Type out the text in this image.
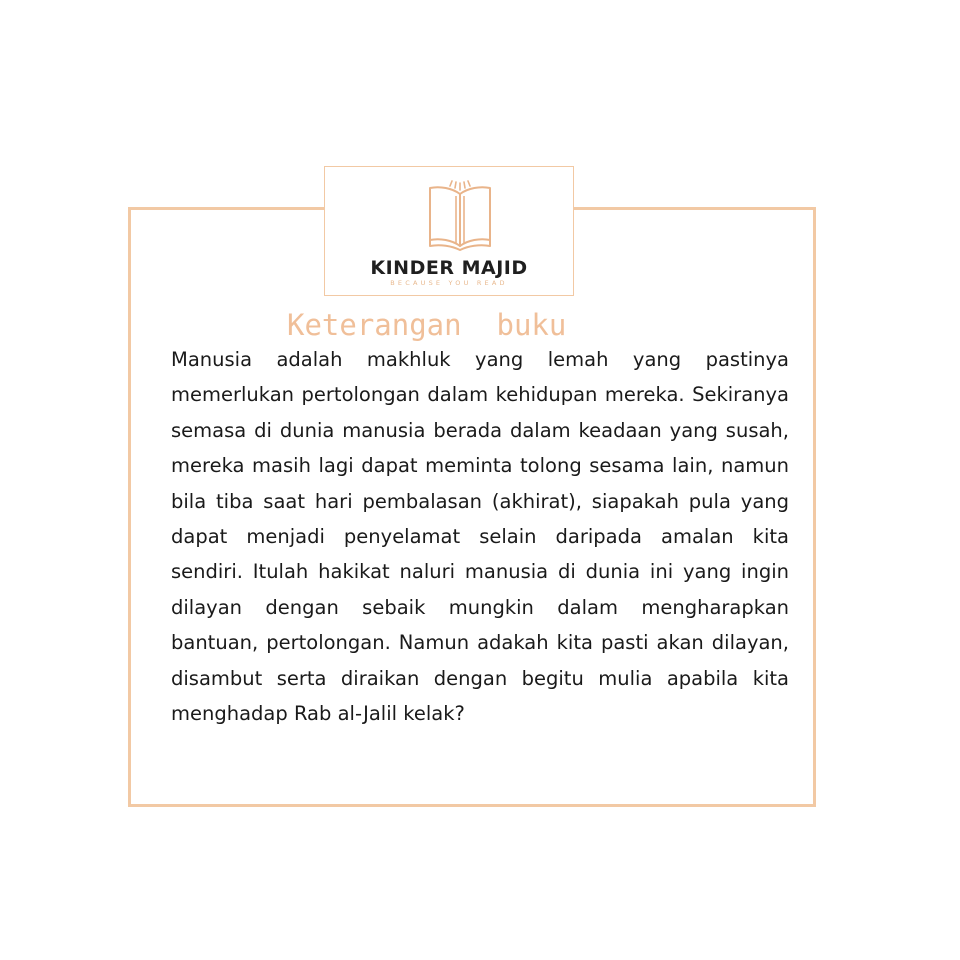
KINDER MAJID
BECAUSE YOU READ
Keterangan  buku

Manusia adalah makhluk yang lemah yang pastinya memerlukan pertolongan dalam kehidupan mereka. Sekiranya semasa di dunia manusia berada dalam keadaan yang susah, mereka masih lagi dapat meminta tolong sesama lain, namun bila tiba saat hari pembalasan (akhirat), siapakah pula yang dapat menjadi penyelamat selain daripada amalan kita sendiri. Itulah hakikat naluri manusia di dunia ini yang ingin dilayan dengan sebaik mungkin dalam mengharapkan bantuan, pertolongan. Namun adakah kita pasti akan dilayan, disambut serta diraikan dengan begitu mulia apabila kita menghadap Rab al-Jalil kelak?
